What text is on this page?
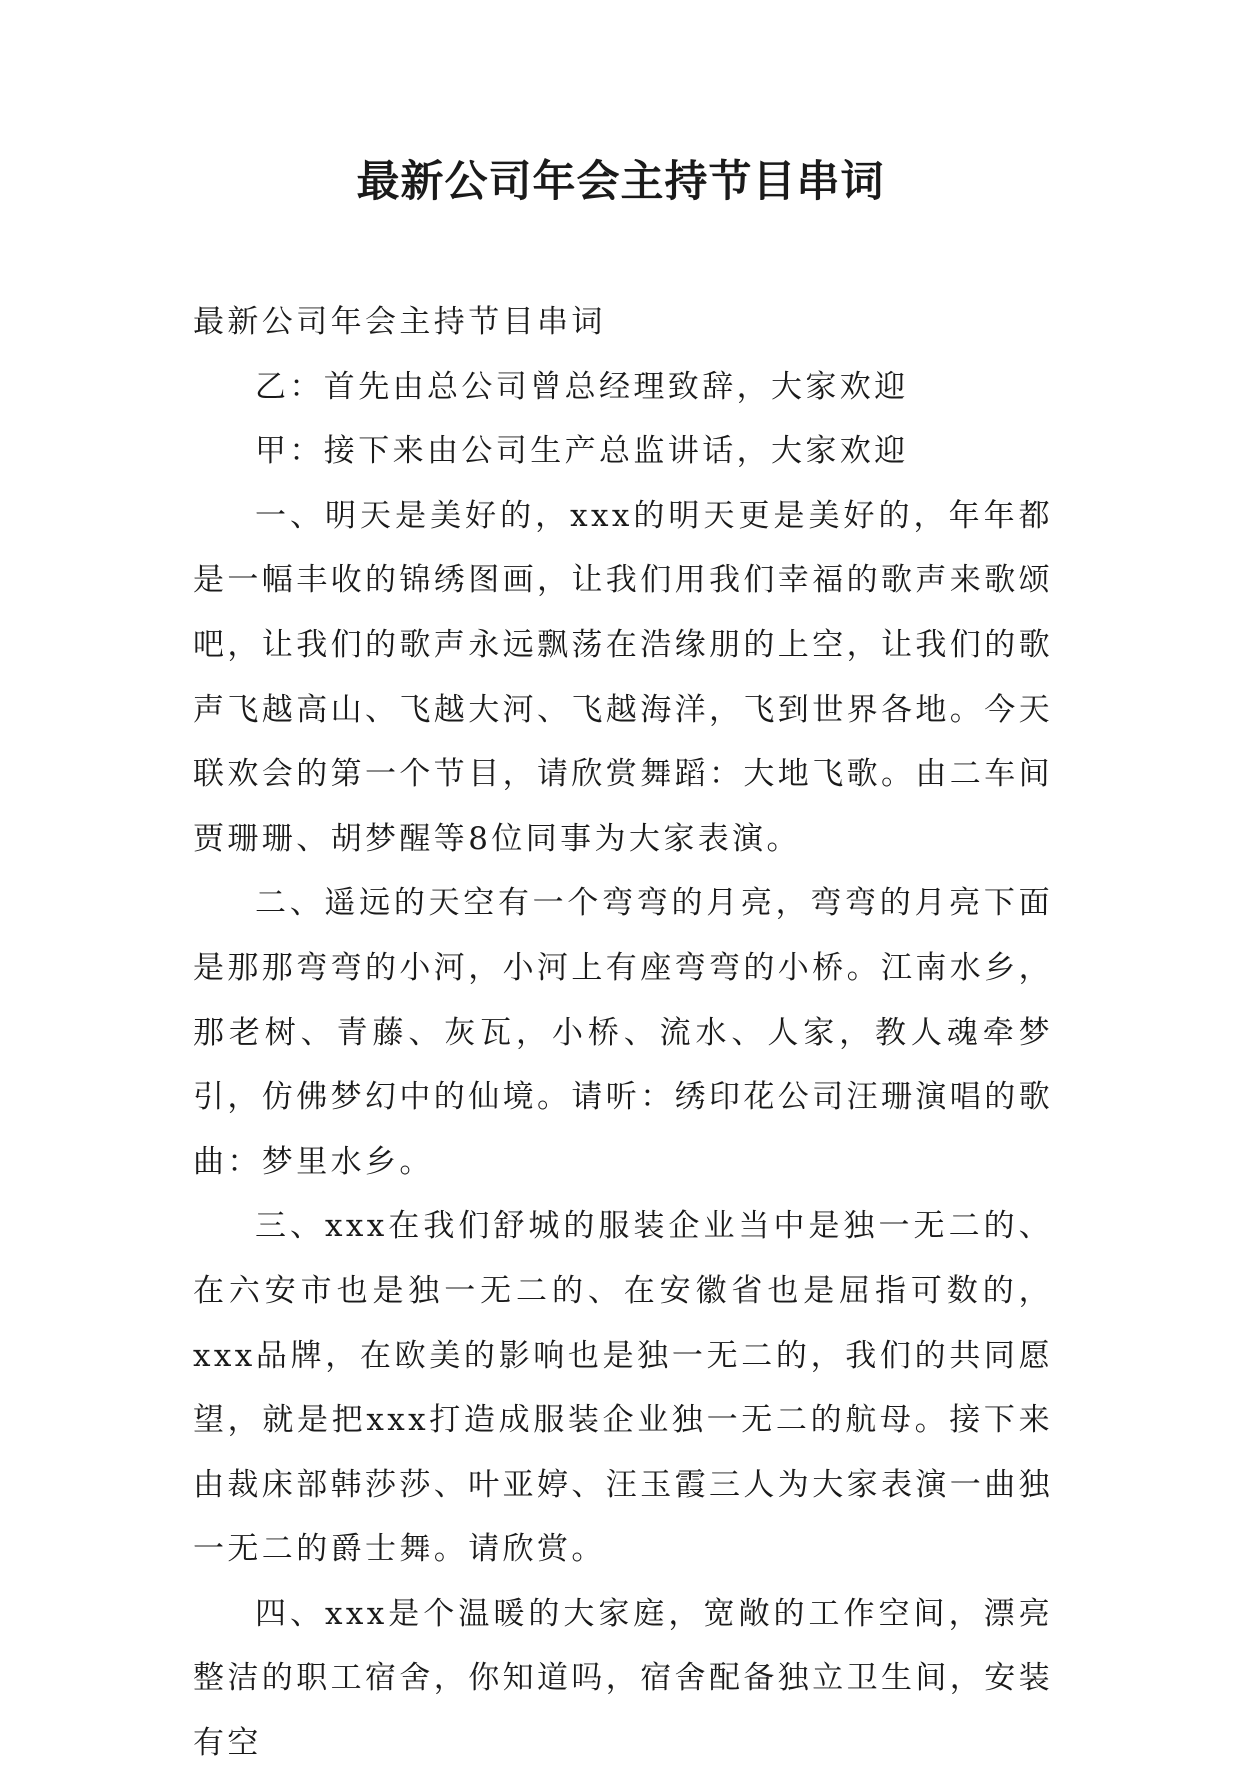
最新公司年会主持节目串词

最新公司年会主持节目串词

乙：首先由总公司曾总经理致辞，大家欢迎

甲：接下来由公司生产总监讲话，大家欢迎

一、明天是美好的，xxx的明天更是美好的，年年都是一幅丰收的锦绣图画，让我们用我们幸福的歌声来歌颂吧，让我们的歌声永远飘荡在浩缘朋的上空，让我们的歌声飞越高山、飞越大河、飞越海洋，飞到世界各地。今天联欢会的第一个节目，请欣赏舞蹈：大地飞歌。由二车间贾珊珊、胡梦醒等8位同事为大家表演。

二、遥远的天空有一个弯弯的月亮，弯弯的月亮下面是那那弯弯的小河，小河上有座弯弯的小桥。江南水乡，那老树、青藤、灰瓦，小桥、流水、人家，教人魂牵梦引，仿佛梦幻中的仙境。请听：绣印花公司汪珊演唱的歌曲：梦里水乡。

三、xxx在我们舒城的服装企业当中是独一无二的、在六安市也是独一无二的、在安徽省也是屈指可数的，xxx品牌，在欧美的影响也是独一无二的，我们的共同愿望，就是把xxx打造成服装企业独一无二的航母。接下来由裁床部韩莎莎、叶亚婷、汪玉霞三人为大家表演一曲独一无二的爵士舞。请欣赏。

四、xxx是个温暖的大家庭，宽敞的工作空间，漂亮整洁的职工宿舍，你知道吗，宿舍配备独立卫生间，安装有空
